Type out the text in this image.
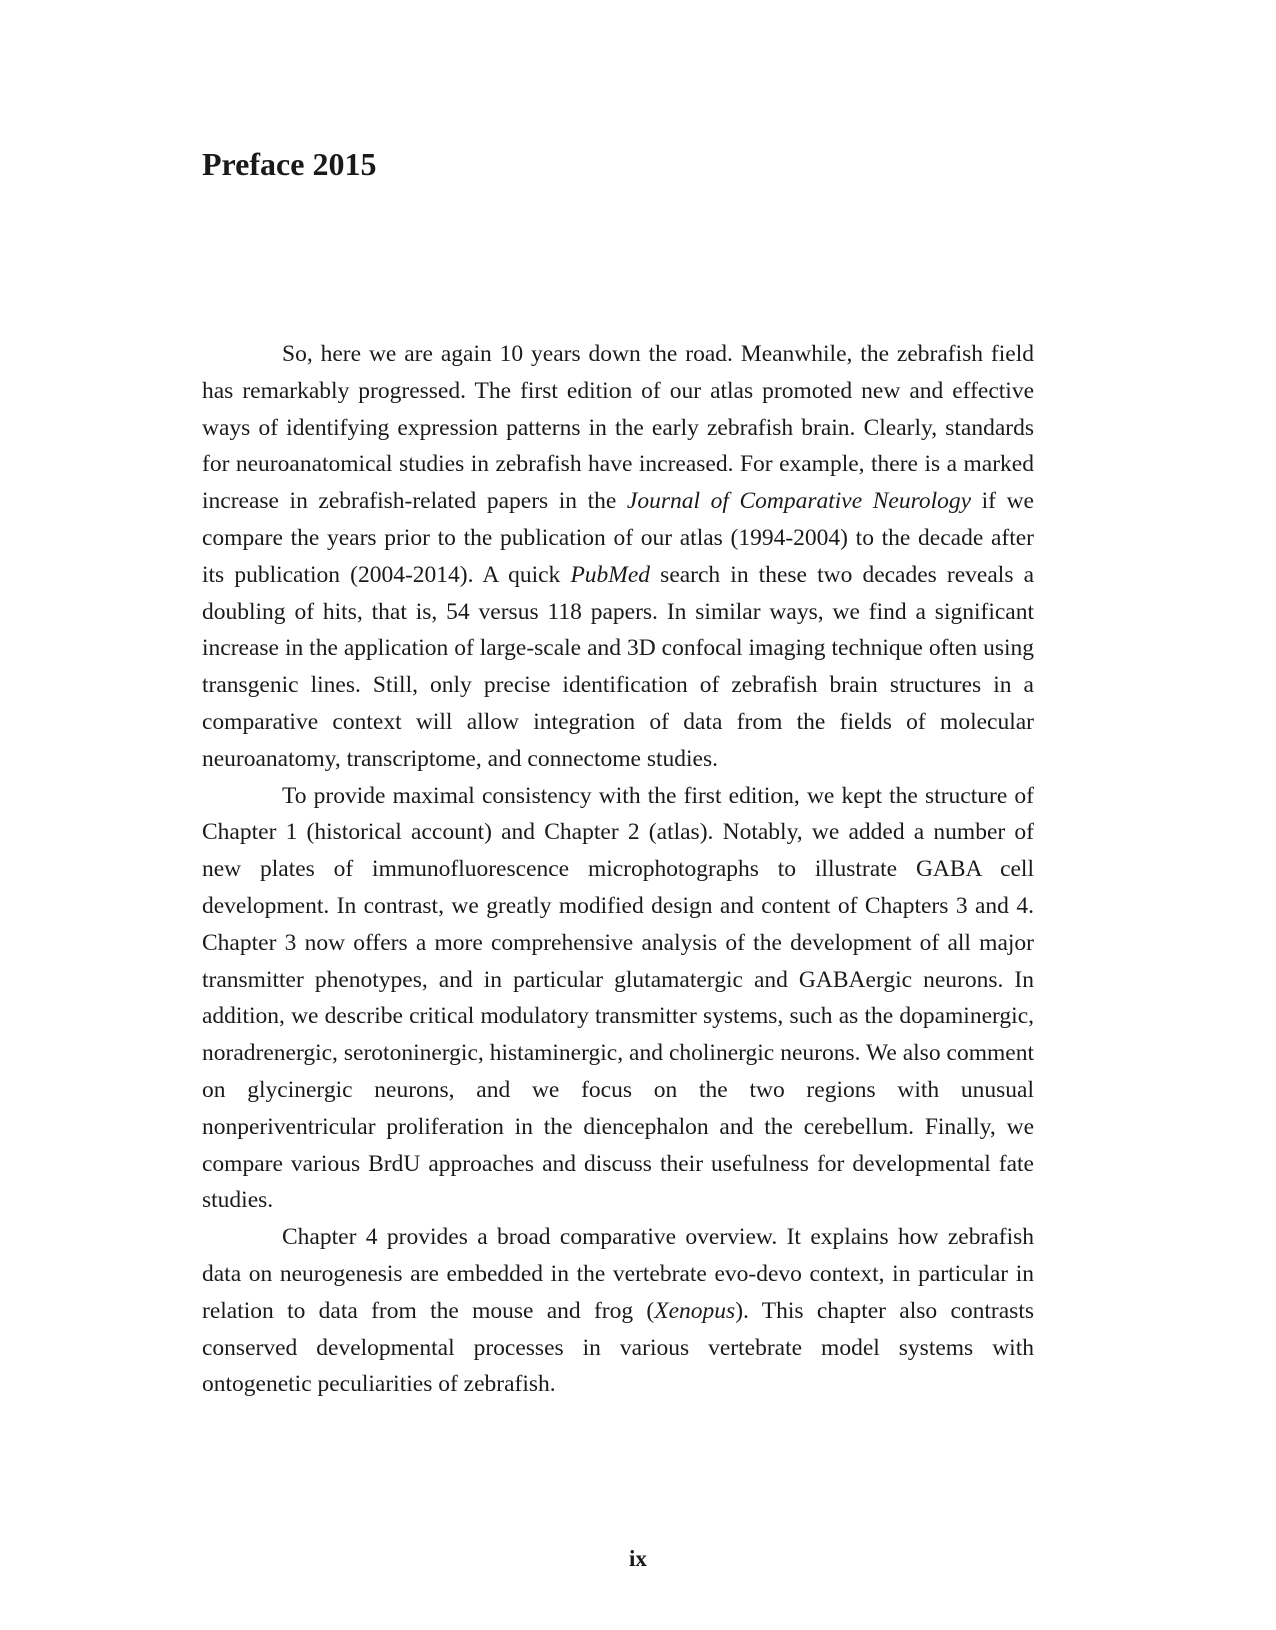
Preface 2015

So, here we are again 10 years down the road. Meanwhile, the zebrafish field has remarkably progressed. The first edition of our atlas promoted new and effective ways of identifying expression patterns in the early zebrafish brain. Clearly, standards for neuroanatomical studies in zebrafish have increased. For example, there is a marked increase in zebrafish-related papers in the Journal of Comparative Neurology if we compare the years prior to the publication of our atlas (1994-2004) to the decade after its publication (2004-2014). A quick PubMed search in these two decades reveals a doubling of hits, that is, 54 versus 118 papers. In similar ways, we find a significant increase in the application of large-scale and 3D confocal imaging technique often using transgenic lines. Still, only precise identification of zebrafish brain structures in a comparative context will allow integration of data from the fields of molecular neuroanatomy, transcriptome, and connectome studies.

To provide maximal consistency with the first edition, we kept the structure of Chapter 1 (historical account) and Chapter 2 (atlas). Notably, we added a number of new plates of immunofluorescence microphotographs to illustrate GABA cell development. In contrast, we greatly modified design and content of Chapters 3 and 4. Chapter 3 now offers a more comprehensive analysis of the development of all major transmitter phenotypes, and in particular glutamatergic and GABAergic neurons. In addition, we describe critical modulatory transmitter systems, such as the dopaminergic, noradrenergic, serotoninergic, histaminergic, and cholinergic neurons. We also comment on glycinergic neurons, and we focus on the two regions with unusual nonperiventricular proliferation in the diencephalon and the cerebellum. Finally, we compare various BrdU approaches and discuss their usefulness for developmental fate studies.

Chapter 4 provides a broad comparative overview. It explains how zebrafish data on neurogenesis are embedded in the vertebrate evo-devo context, in particular in relation to data from the mouse and frog (Xenopus). This chapter also contrasts conserved developmental processes in various vertebrate model systems with ontogenetic peculiarities of zebrafish.

ix
